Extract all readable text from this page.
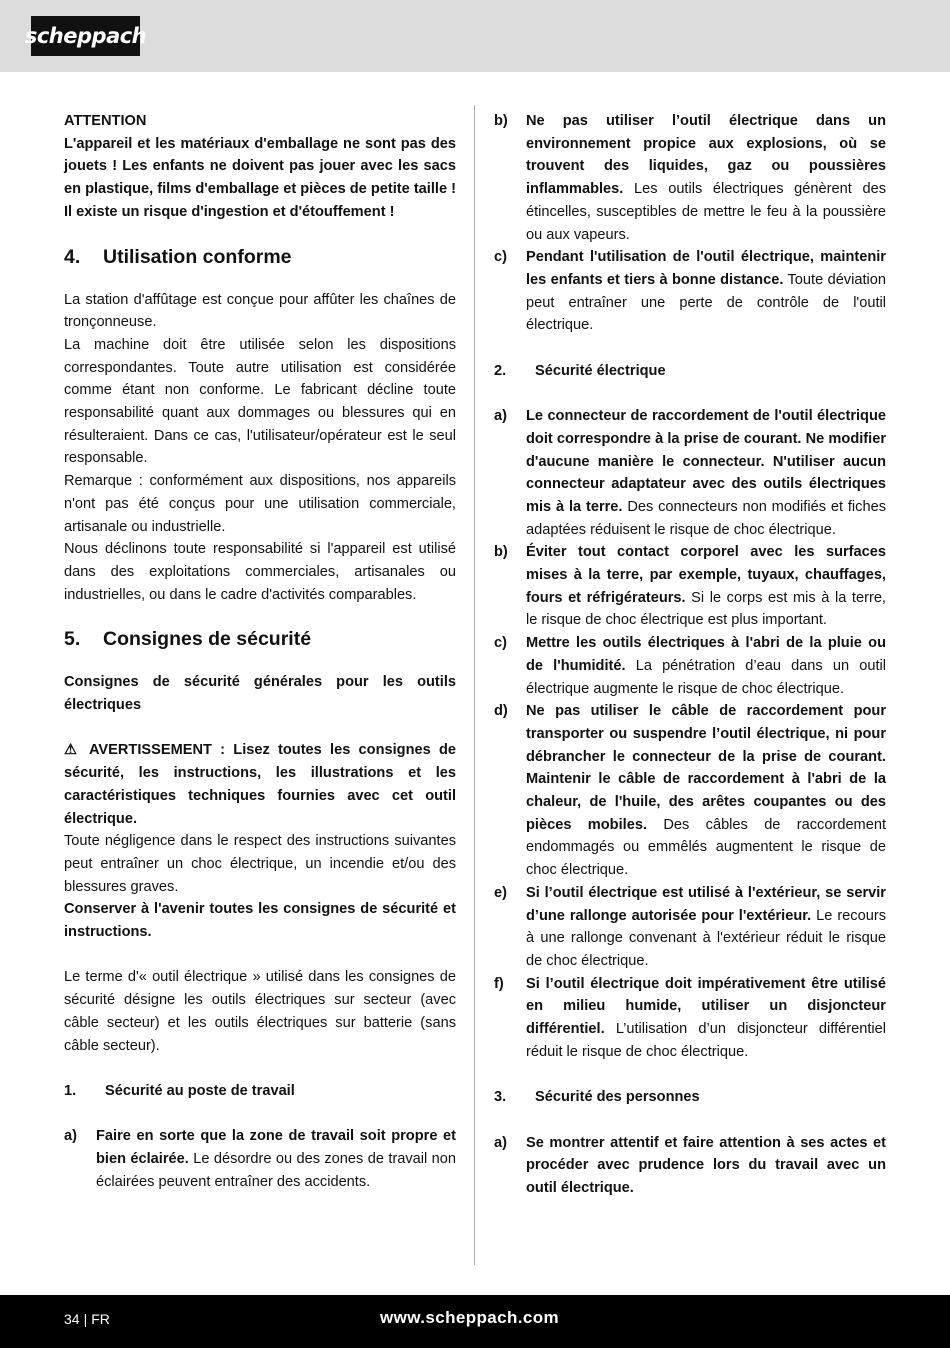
scheppach

ATTENTION

L'appareil et les matériaux d'emballage ne sont pas des jouets ! Les enfants ne doivent pas jouer avec les sacs en plastique, films d'emballage et pièces de petite taille ! Il existe un risque d'ingestion et d'étouffement !

4.	Utilisation conforme

La station d'affûtage est conçue pour affûter les chaînes de tronçonneuse.

La machine doit être utilisée selon les dispositions correspondantes. Toute autre utilisation est considérée comme étant non conforme. Le fabricant décline toute responsabilité quant aux dommages ou blessures qui en résulteraient. Dans ce cas, l'utilisateur/opérateur est le seul responsable.

Remarque : conformément aux dispositions, nos appareils n'ont pas été conçus pour une utilisation commerciale, artisanale ou industrielle.

Nous déclinons toute responsabilité si l'appareil est utilisé dans des exploitations commerciales, artisanales ou industrielles, ou dans le cadre d'activités comparables.

5.	Consignes de sécurité

Consignes de sécurité générales pour les outils électriques

⚠ AVERTISSEMENT : Lisez toutes les consignes de sécurité, les instructions, les illustrations et les caractéristiques techniques fournies avec cet outil électrique.

Toute négligence dans le respect des instructions suivantes peut entraîner un choc électrique, un incendie et/ou des blessures graves.

Conserver à l'avenir toutes les consignes de sécurité et instructions.

Le terme d'« outil électrique » utilisé dans les consignes de sécurité désigne les outils électriques sur secteur (avec câble secteur) et les outils électriques sur batterie (sans câble secteur).

1.	Sécurité au poste de travail
a)	Faire en sorte que la zone de travail soit propre et bien éclairée. Le désordre ou des zones de travail non éclairées peuvent entraîner des accidents.
b)	Ne pas utiliser l’outil électrique dans un environnement propice aux explosions, où se trouvent des liquides, gaz ou poussières inflammables. Les outils électriques génèrent des étincelles, susceptibles de mettre le feu à la poussière ou aux vapeurs.
c)	Pendant l'utilisation de l'outil électrique, maintenir les enfants et tiers à bonne distance. Toute déviation peut entraîner une perte de contrôle de l'outil électrique.
2.	Sécurité électrique
a)	Le connecteur de raccordement de l'outil électrique doit correspondre à la prise de courant. Ne modifier d'aucune manière le connecteur. N'utiliser aucun connecteur adaptateur avec des outils électriques mis à la terre. Des connecteurs non modifiés et fiches adaptées réduisent le risque de choc électrique.
b)	Éviter tout contact corporel avec les surfaces mises à la terre, par exemple, tuyaux, chauffages, fours et réfrigérateurs. Si le corps est mis à la terre, le risque de choc électrique est plus important.
c)	Mettre les outils électriques à l'abri de la pluie ou de l'humidité. La pénétration d’eau dans un outil électrique augmente le risque de choc électrique.
d)	Ne pas utiliser le câble de raccordement pour transporter ou suspendre l’outil électrique, ni pour débrancher le connecteur de la prise de courant. Maintenir le câble de raccordement à l'abri de la chaleur, de l'huile, des arêtes coupantes ou des pièces mobiles. Des câbles de raccordement endommagés ou emmêlés augmentent le risque de choc électrique.
e)	Si l’outil électrique est utilisé à l'extérieur, se servir d’une rallonge autorisée pour l'extérieur. Le recours à une rallonge convenant à l'extérieur réduit le risque de choc électrique.
f)	Si l’outil électrique doit impérativement être utilisé en milieu humide, utiliser un disjoncteur différentiel. L’utilisation d’un disjoncteur différentiel réduit le risque de choc électrique.
3.	Sécurité des personnes
a)	Se montrer attentif et faire attention à ses actes et procéder avec prudence lors du travail avec un outil électrique.
34 | FR	www.scheppach.com
